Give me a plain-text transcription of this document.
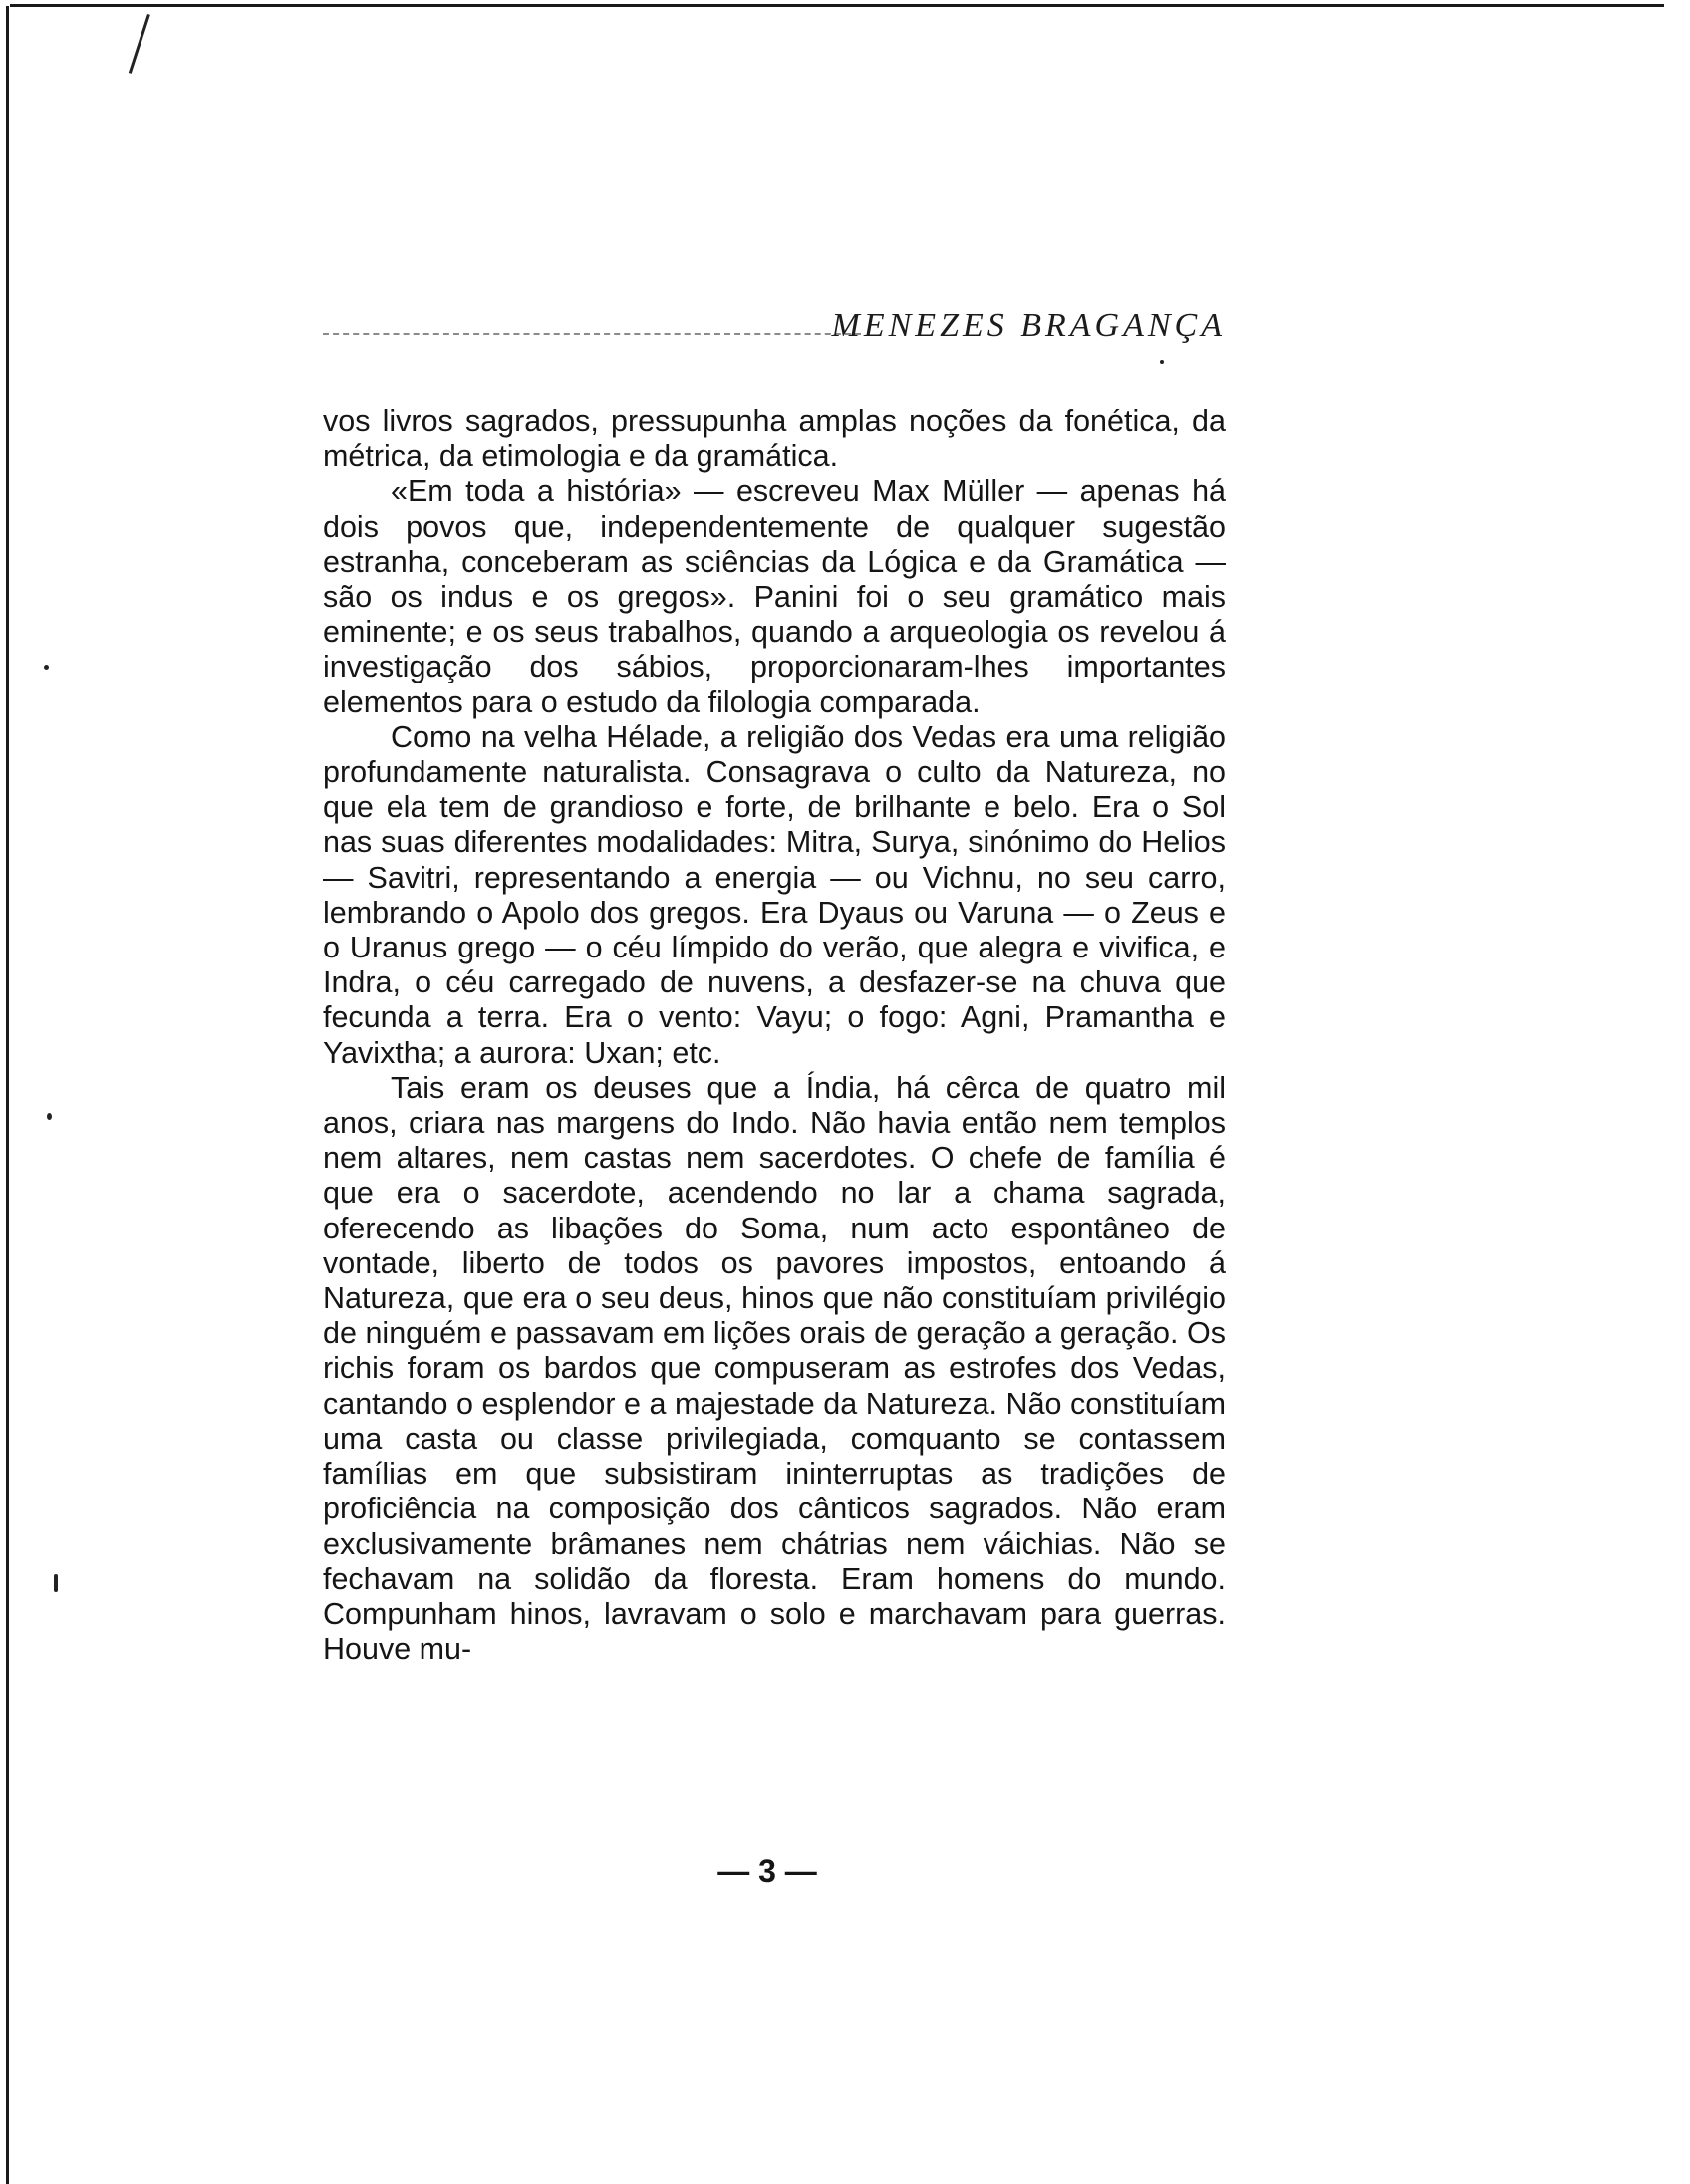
MENEZES BRAGANÇA

vos livros sagrados, pressupunha amplas noções da fonética, da métrica, da etimologia e da gramática.

«Em toda a história» — escreveu Max Müller — apenas há dois povos que, independentemente de qualquer sugestão estranha, conceberam as sciências da Lógica e da Gramática — são os indus e os gregos». Panini foi o seu gramático mais eminente; e os seus trabalhos, quando a arqueologia os revelou á investigação dos sábios, proporcionaram-lhes importantes elementos para o estudo da filologia comparada.

Como na velha Hélade, a religião dos Vedas era uma religião profundamente naturalista. Consagrava o culto da Natureza, no que ela tem de grandioso e forte, de brilhante e belo. Era o Sol nas suas diferentes modalidades: Mitra, Surya, sinónimo do Helios — Savitri, representando a energia — ou Vichnu, no seu carro, lembrando o Apolo dos gregos. Era Dyaus ou Varuna — o Zeus e o Uranus grego — o céu límpido do verão, que alegra e vivifica, e Indra, o céu carregado de nuvens, a desfazer-se na chuva que fecunda a terra. Era o vento: Vayu; o fogo: Agni, Pramantha e Yavixtha; a aurora: Uxan; etc.

Tais eram os deuses que a Índia, há cêrca de quatro mil anos, criara nas margens do Indo. Não havia então nem templos nem altares, nem castas nem sacerdotes. O chefe de família é que era o sacerdote, acendendo no lar a chama sagrada, oferecendo as libações do Soma, num acto espontâneo de vontade, liberto de todos os pavores impostos, entoando á Natureza, que era o seu deus, hinos que não constituíam privilégio de ninguém e passavam em lições orais de geração a geração. Os richis foram os bardos que compuseram as estrofes dos Vedas, cantando o esplendor e a majestade da Natureza. Não constituíam uma casta ou classe privilegiada, comquanto se contassem famílias em que subsistiram ininterruptas as tradições de proficiência na composição dos cânticos sagrados. Não eram exclusivamente brâmanes nem chátrias nem váichias. Não se fechavam na solidão da floresta. Eram homens do mundo. Compunham hinos, lavravam o solo e marchavam para guerras. Houve mu-

— 3 —
